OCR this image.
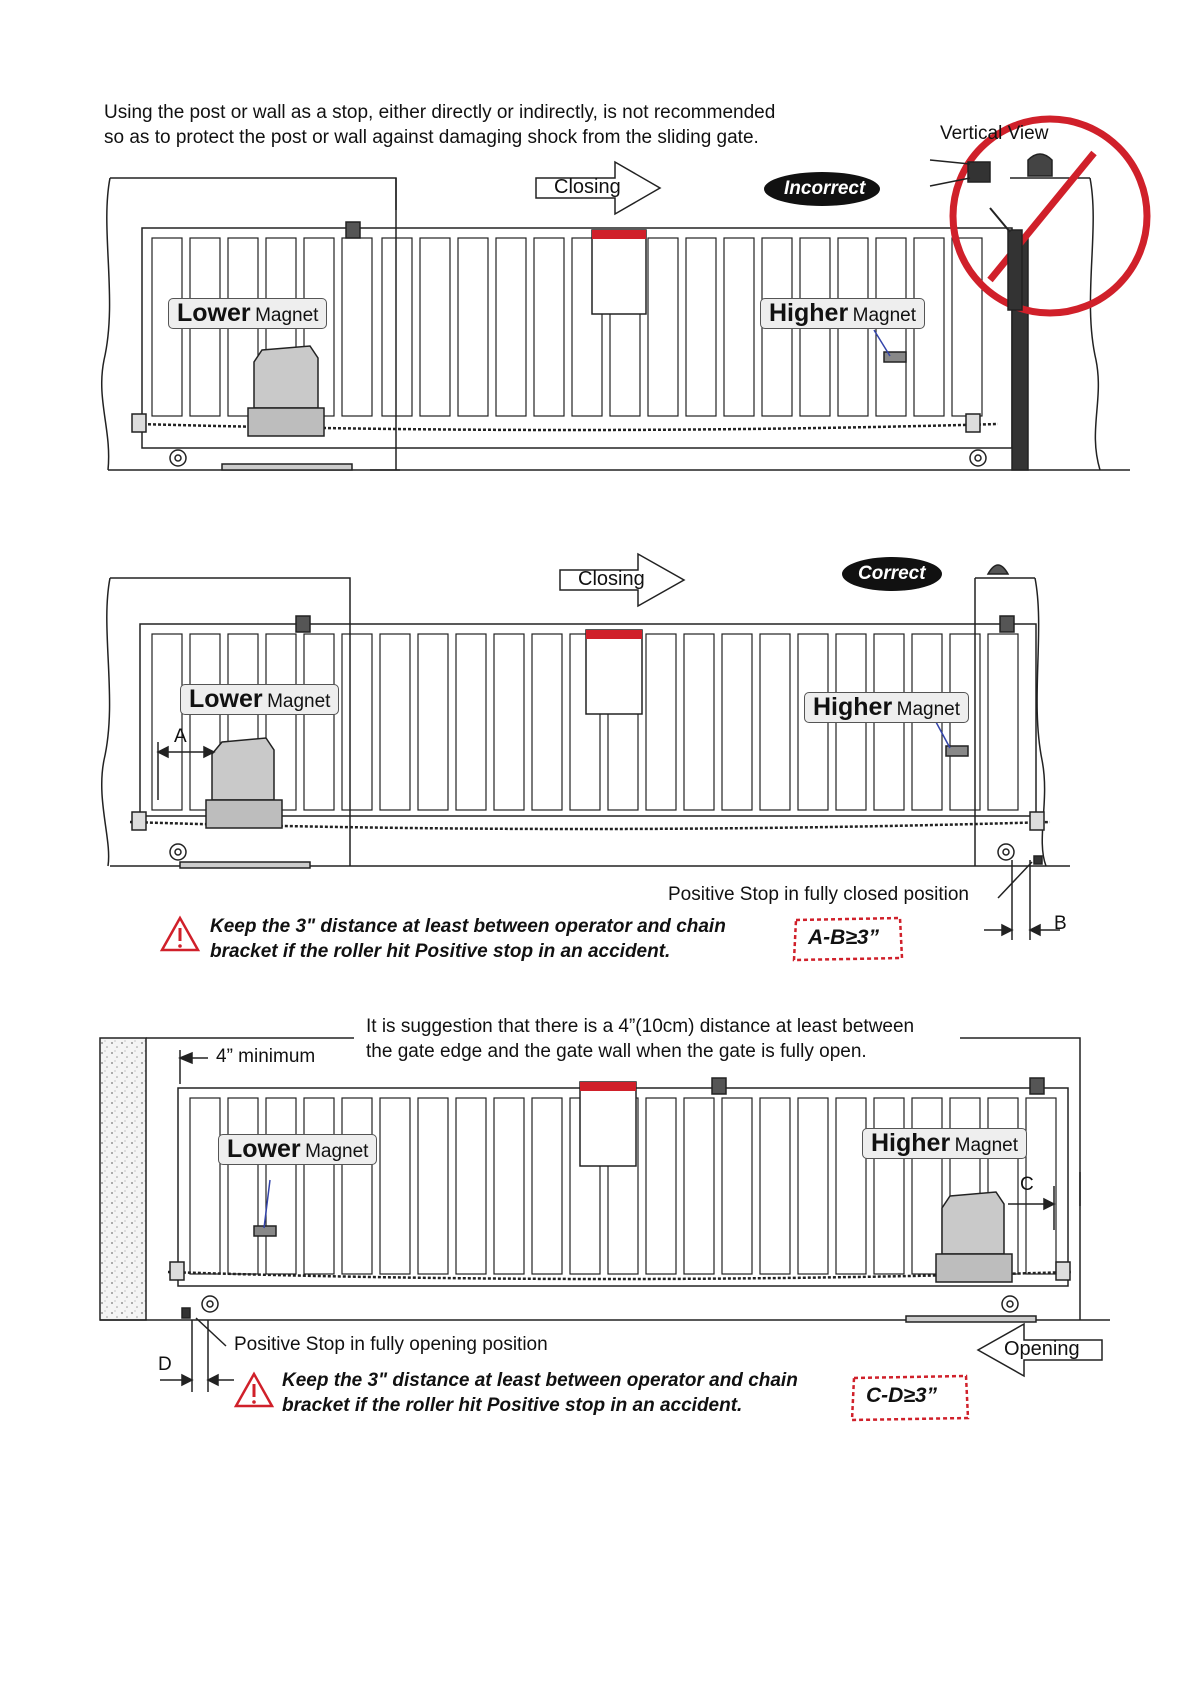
Using the post or wall as a stop, either directly or indirectly, is not recommended
so as to protect the post or wall against damaging shock from the sliding gate.
Closing	Incorrect
Vertical View
Lower Magnet	Higher Magnet
Closing	Correct
Lower Magnet	Higher Magnet
A
B
Positive Stop in fully closed position
Keep the 3" distance at least between operator and chain
bracket if the roller hit Positive stop in an accident.
A-B≥3”
It is suggestion that there is a 4”(10cm) distance at least between
the gate edge and the gate wall when the gate is fully open.
4” minimum
Lower Magnet	Higher Magnet
C
D
Positive Stop in fully opening position	Opening
Keep the 3" distance at least between operator and chain
bracket if the roller hit Positive stop in an accident.	C-D≥3”
